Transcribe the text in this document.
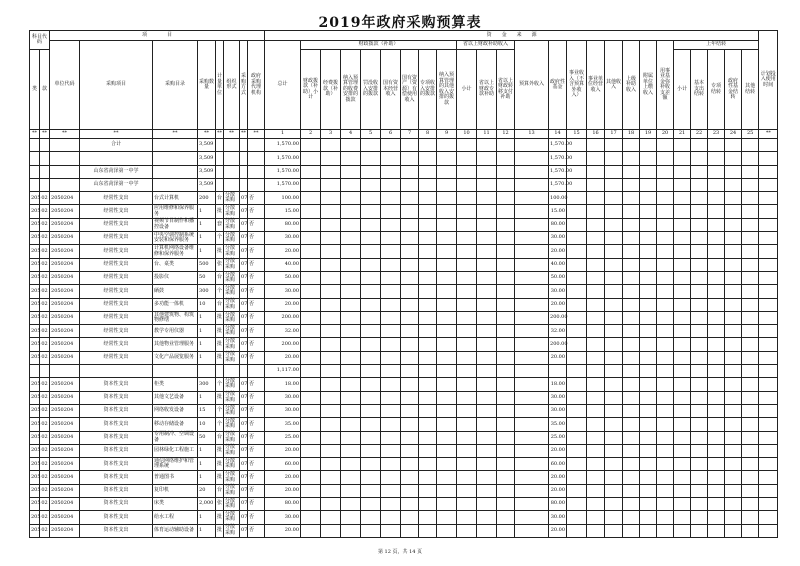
2019年政府采购预算表
科目代码		项　　　　目								资　　金　　来　　源																									计划投入使用时间	
		单位代码	采购项目	采购目录	采购数量	计量单位	组织形式	采购方式	政府采购代理机构	总计	财政拨款（补助）								省以上财政补助收入			预算外收入	政府性基金	事业收入（不含预算外收入）	事业单位经营收入	其他收入	上级补助收入	附属单位上缴收入	用事业基金弥补收支差额	上年结转						
类	款										财政拨款（补助）小计	经费拨款（补助）	纳入预算管理的收费安排的拨款	罚没收入安排的拨款	国有资本经营收入	国有资产（资源）有偿使用收入	专项收入安排的拨款	纳入预算管理的其他收入安排的拨款	小计	省以上财政专款补助	省以上财政转移支付补助									小计	基本支出结转	专项结转	政府性基金结转	其他结转		
**	**	**	**	**	**	**	**	**	**	1	2	3	4	5	6	7	8	9	10	11	12	13	14	15	16	17	18	19	20	21	22	23	24	25	**	
			合计		3,509					1,570.00													1,570.00													
					3,509					1,570.00													1,570.00													
			山东省菏泽第一中学		3,509					1,570.00													1,570.00													
			山东省菏泽第一中学		3,509					1,570.00													1,570.00													
205	02	2050204	经常性支出	台式计算机	200	台	分散采购	07	否	100.00													100.00													
205	02	2050204	经常性支出	应用维修和保养服务	1	批	分散采购	07	否	15.00													15.00													
205	02	2050204	经常性支出	视频节目制作和播控设备	1	套	分散采购	07	否	80.00													80.00													
205	02	2050204	经常性支出	中央空调控制系统安装和保养服务	1	个	分散采购	07	否	30.00													30.00													
205	02	2050204	经常性支出	计算机网络设备维修和保养服务	1	批	分散采购	07	否	20.00													20.00													
205	02	2050204	经常性支出	台、桌类	500	张	分散采购	07	否	40.00													40.00													
205	02	2050204	经常性支出	投影仪	50	台	分散采购	07	否	50.00													50.00													
205	02	2050204	经常性支出	硒鼓	300	个	分散采购	07	否	30.00													30.00													
205	02	2050204	经常性支出	多功能一体机	10	台	分散采购	07	否	20.00													20.00													
205	02	2050204	经常性支出	其他建筑物、构筑物修缮	1	批	分散采购	07	否	200.00													200.00													
205	02	2050204	经常性支出	教学专用仪器	1	批	分散采购	07	否	32.00													32.00													
205	02	2050204	经常性支出	其他物业管理服务	1	批	分散采购	07	否	200.00													200.00													
205	02	2050204	经常性支出	文化产品展览服务	1	批	分散采购	07	否	20.00													20.00													
										1,117.00																										
205	02	2050204	资本性支出	柜类	300	个	分散采购	07	否	18.00													18.00													
205	02	2050204	资本性支出	其他文艺设备	1	批	分散采购	07	否	30.00													30.00													
205	02	2050204	资本性支出	网络收发设备	15	个	分散采购	07	否	30.00													30.00													
205	02	2050204	资本性支出	移动存储设备	10	个	分散采购	07	否	35.00													35.00													
205	02	2050204	资本性支出	专用制冷、空调设备	50	台	分散采购	07	否	25.00													25.00													
205	02	2050204	资本性支出	园林绿化工程施工	1	批	分散采购	07	否	20.00													20.00													
205	02	2050204	资本性支出	通信网络维护和管理系统	1	批	分散采购	07	否	60.00													60.00													
205	02	2050204	资本性支出	普通图书	1	批	分散采购	07	否	20.00													20.00													
205	02	2050204	资本性支出	复印机	20	台	分散采购	07	否	20.00													20.00													
205	02	2050204	资本性支出	床类	2,000	张	分散采购	07	否	80.00													80.00													
205	02	2050204	资本性支出	给水工程	1	批	分散采购	07	否	30.00													30.00													
205	02	2050204	资本性支出	体育运动辅助设备	1	批	分散采购	07	否	20.00													20.00													
第 12 页，共 14 页
